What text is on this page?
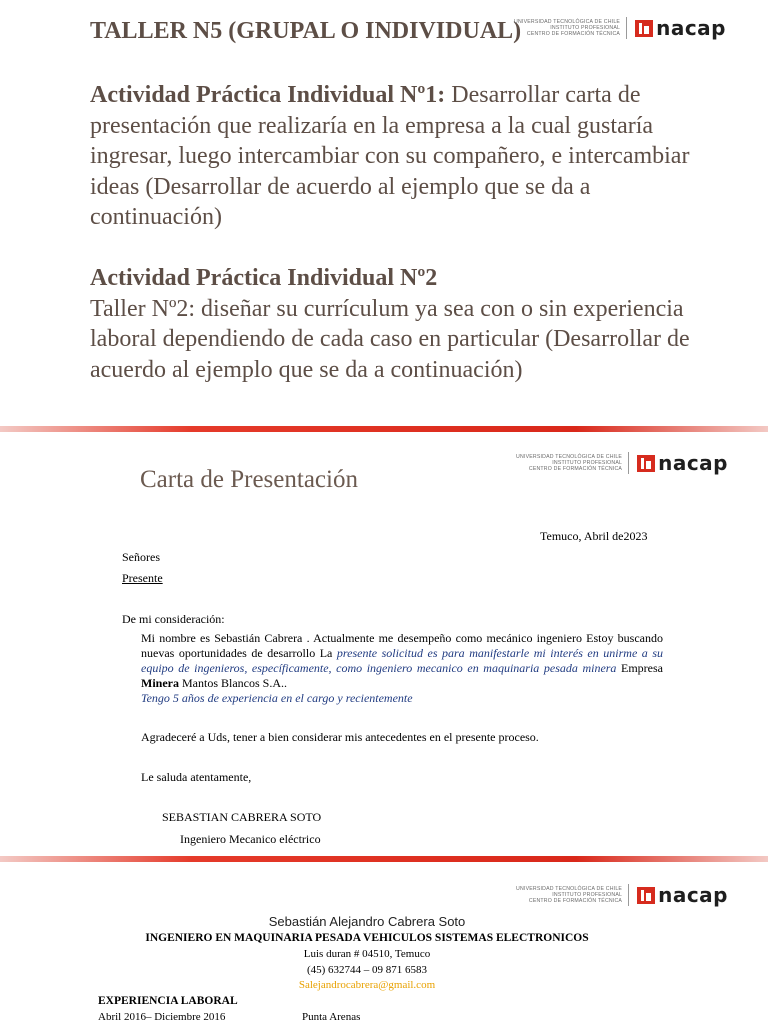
TALLER N5 (GRUPAL O INDIVIDUAL)
UNIVERSIDAD TECNOLÓGICA DE CHILE
INSTITUTO PROFESIONAL
CENTRO DE FORMACIÓN TÉCNICA nacap

Actividad Práctica Individual Nº1: Desarrollar carta de presentación que realizaría en la empresa a la cual gustaría ingresar, luego intercambiar con su compañero, e intercambiar ideas (Desarrollar de acuerdo al ejemplo que se da a continuación)

Actividad Práctica Individual Nº2
Taller Nº2: diseñar su currículum ya sea con o sin experiencia laboral dependiendo de cada caso en particular (Desarrollar de acuerdo al ejemplo que se da a continuación)

UNIVERSIDAD TECNOLÓGICA DE CHILE
INSTITUTO PROFESIONAL
CENTRO DE FORMACIÓN TÉCNICA nacap
Carta de Presentación
Temuco, Abril de2023
Señores
Presente
De mi consideración:

Mi nombre es Sebastián Cabrera . Actualmente me desempeño como mecánico ingeniero Estoy buscando nuevas oportunidades de desarrollo La presente solicitud es para manifestarle mi interés en unirme a su equipo de ingenieros, específicamente, como ingeniero mecanico en maquinaria pesada minera Empresa Minera Mantos Blancos S.A..
Tengo 5 años de experiencia en el cargo y recientemente

Agradeceré a Uds, tener a bien considerar mis antecedentes en el presente proceso.
Le saluda atentamente,
SEBASTIAN CABRERA SOTO
Ingeniero Mecanico eléctrico
UNIVERSIDAD TECNOLÓGICA DE CHILE
INSTITUTO PROFESIONAL
CENTRO DE FORMACIÓN TÉCNICA nacap
Sebastián Alejandro Cabrera Soto
INGENIERO EN MAQUINARIA PESADA VEHICULOS SISTEMAS ELECTRONICOS
Luis duran # 04510, Temuco
(45) 632744 – 09 871 6583
Salejandrocabrera@gmail.com
EXPERIENCIA LABORAL
Abril 2016– Diciembre 2016	Punta Arenas
